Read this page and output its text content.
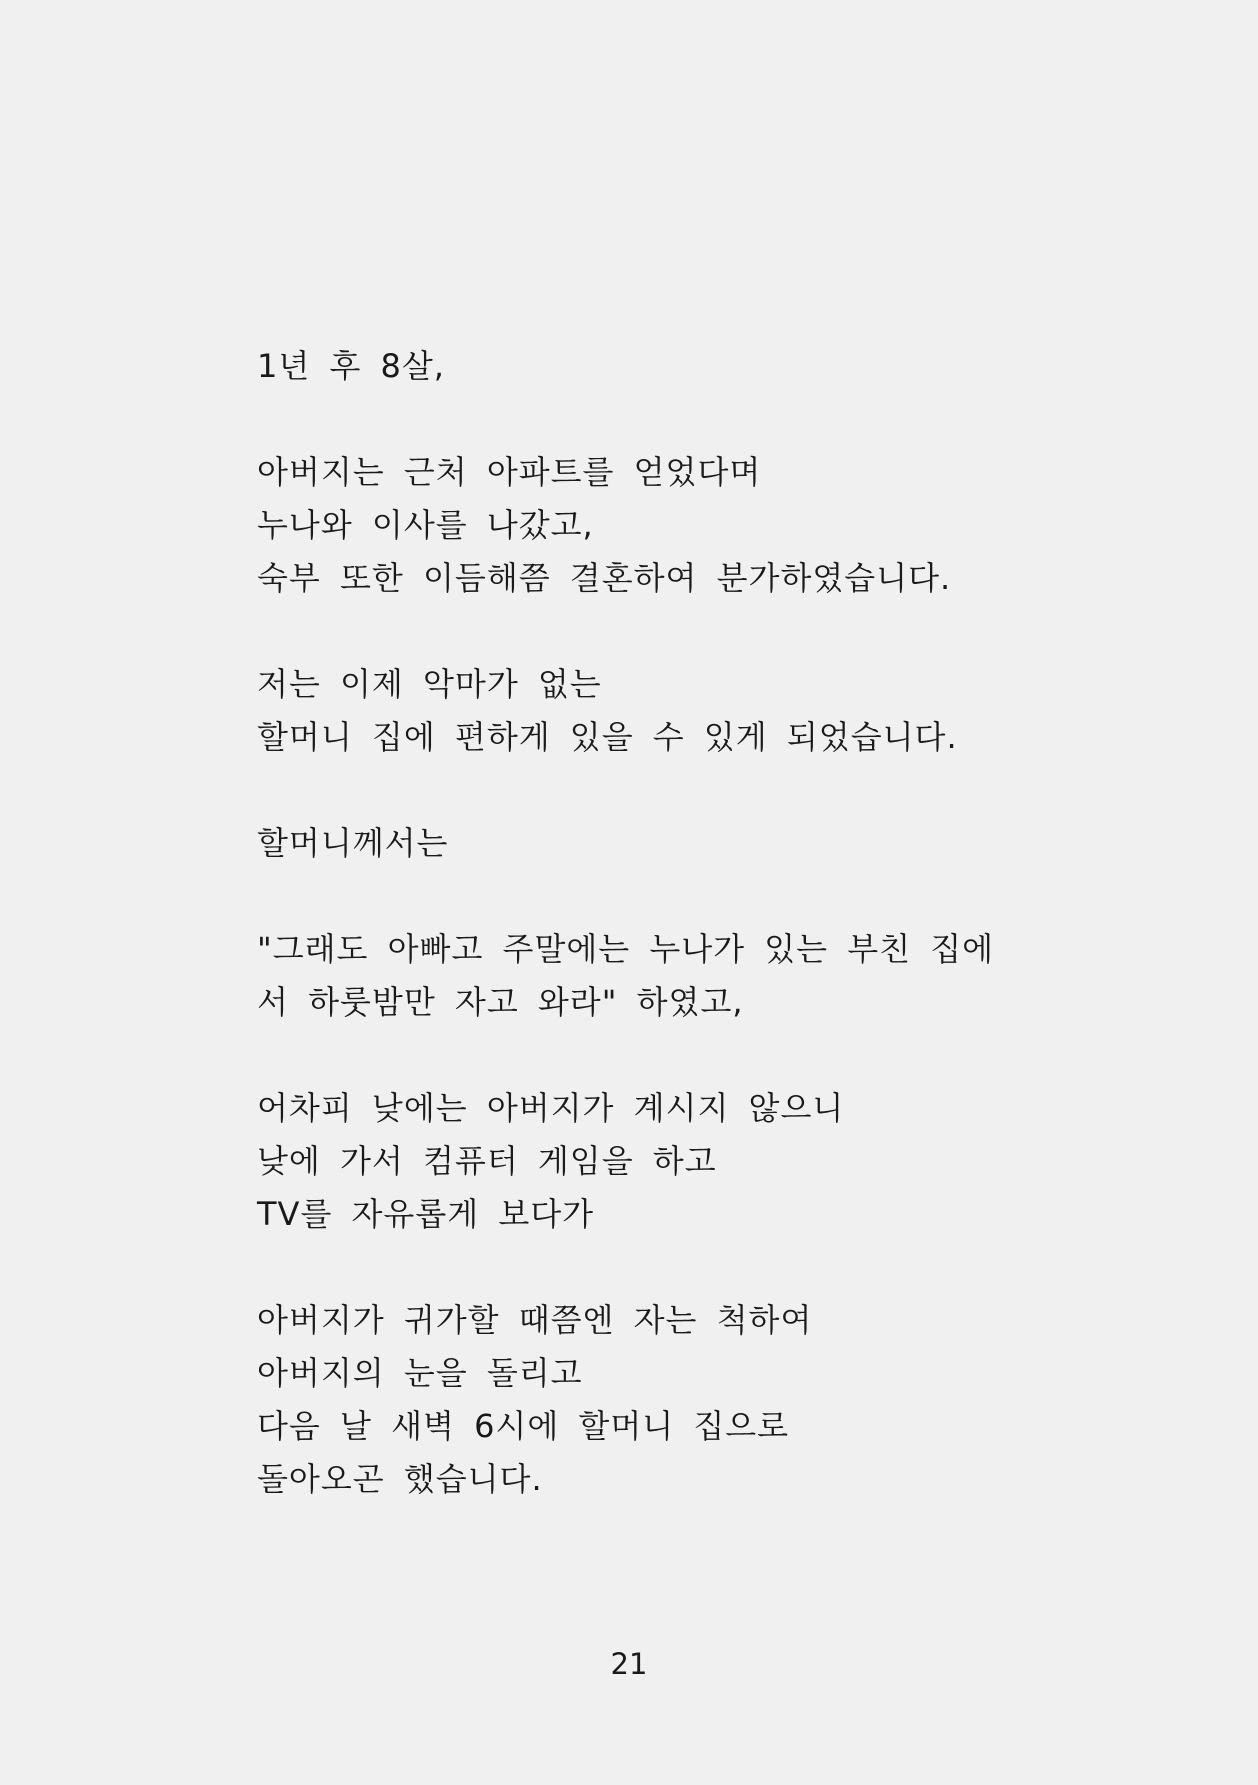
1년 후 8살,
아버지는 근처 아파트를 얻었다며
누나와 이사를 나갔고,
숙부 또한 이듬해쯤 결혼하여 분가하였습니다.
저는 이제 악마가 없는
할머니 집에 편하게 있을 수 있게 되었습니다.
할머니께서는
"그래도 아빠고 주말에는 누나가 있는 부친 집에
서 하룻밤만 자고 와라" 하였고,
어차피 낮에는 아버지가 계시지 않으니
낮에 가서 컴퓨터 게임을 하고
TV를 자유롭게 보다가
아버지가 귀가할 때쯤엔 자는 척하여
아버지의 눈을 돌리고
다음 날 새벽 6시에 할머니 집으로
돌아오곤 했습니다.
21
